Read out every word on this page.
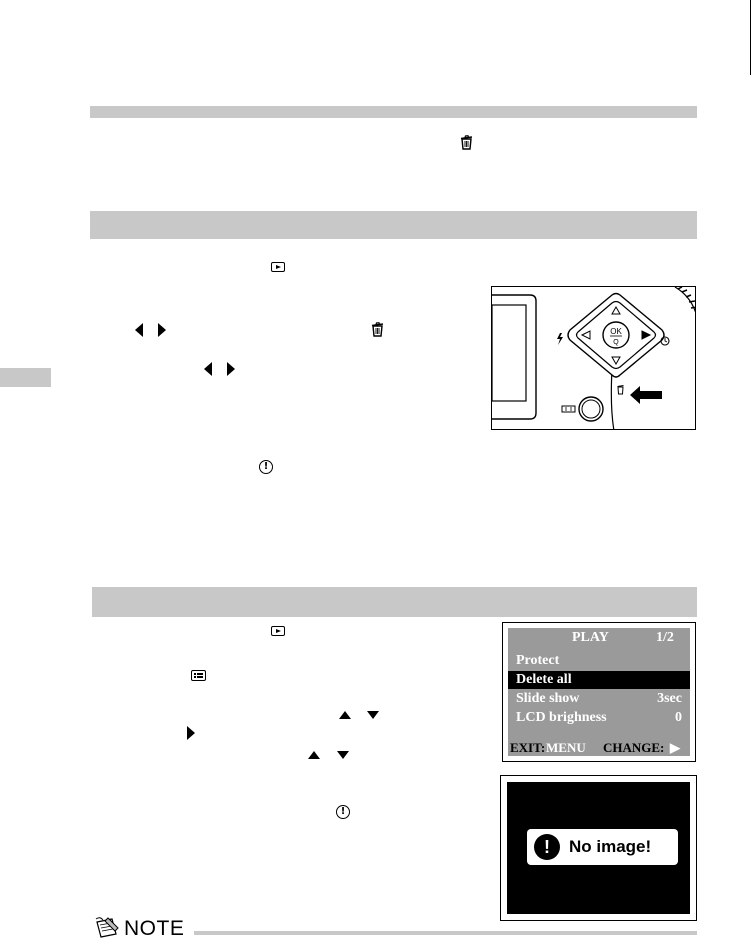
!
OK
Q
!
PLAY	1/2
Protect
Delete all
Slide show	3sec
LCD brighness	0
EXIT: MENU CHANGE: ▶
!	No image!
NOTE
